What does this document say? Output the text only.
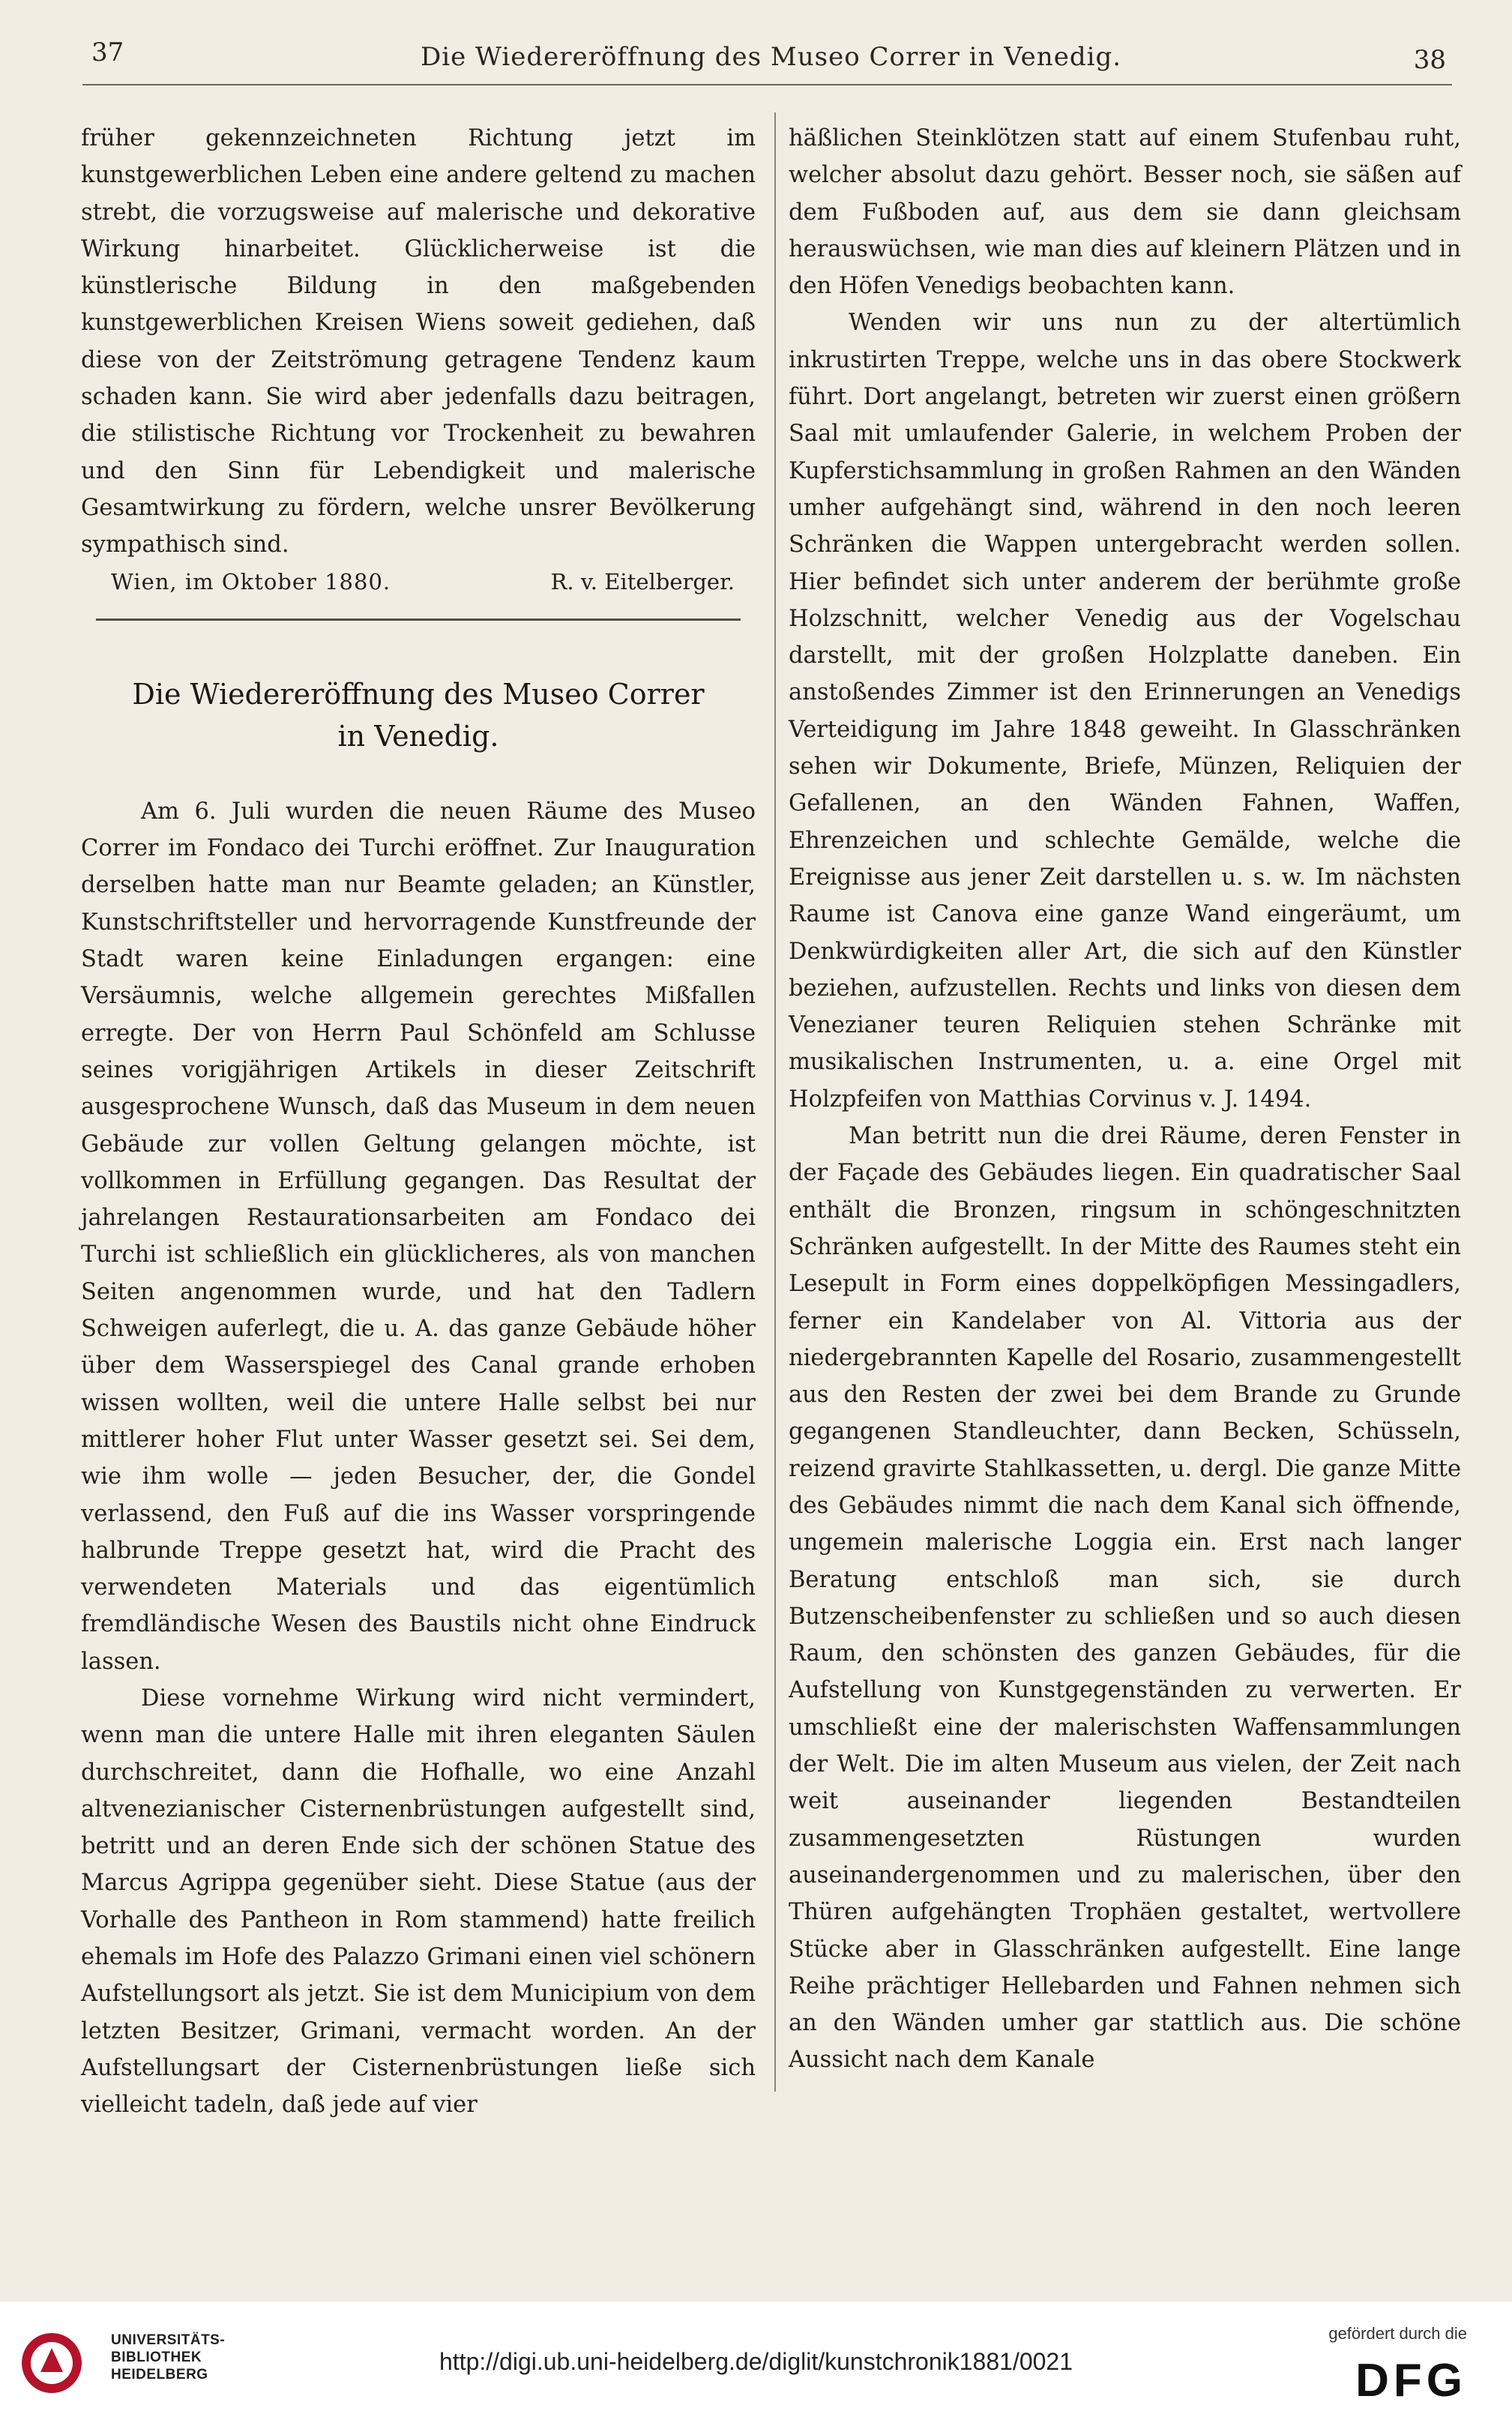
37	Die Wiedereröffnung des Museo Correr in Venedig.	38

früher gekennzeichneten Richtung jetzt im kunstgewerblichen Leben eine andere geltend zu machen strebt, die vorzugsweise auf malerische und dekorative Wirkung hinarbeitet. Glücklicherweise ist die künstlerische Bildung in den maßgebenden kunstgewerblichen Kreisen Wiens soweit gediehen, daß diese von der Zeitströmung getragene Tendenz kaum schaden kann. Sie wird aber jedenfalls dazu beitragen, die stilistische Richtung vor Trockenheit zu bewahren und den Sinn für Lebendigkeit und malerische Gesamtwirkung zu fördern, welche unsrer Bevölkerung sympathisch sind.

Wien, im Oktober 1880.	R. v. Eitelberger.
Die Wiedereröffnung des Museo Correr
in Venedig.

Am 6. Juli wurden die neuen Räume des Museo Correr im Fondaco dei Turchi eröffnet. Zur Inauguration derselben hatte man nur Beamte geladen; an Künstler, Kunstschriftsteller und hervorragende Kunstfreunde der Stadt waren keine Einladungen ergangen: eine Versäumnis, welche allgemein gerechtes Mißfallen erregte. Der von Herrn Paul Schönfeld am Schlusse seines vorigjährigen Artikels in dieser Zeitschrift ausgesprochene Wunsch, daß das Museum in dem neuen Gebäude zur vollen Geltung gelangen möchte, ist vollkommen in Erfüllung gegangen. Das Resultat der jahrelangen Restaurationsarbeiten am Fondaco dei Turchi ist schließlich ein glücklicheres, als von manchen Seiten angenommen wurde, und hat den Tadlern Schweigen auferlegt, die u. A. das ganze Gebäude höher über dem Wasserspiegel des Canal grande erhoben wissen wollten, weil die untere Halle selbst bei nur mittlerer hoher Flut unter Wasser gesetzt sei. Sei dem, wie ihm wolle — jeden Besucher, der, die Gondel verlassend, den Fuß auf die ins Wasser vorspringende halbrunde Treppe gesetzt hat, wird die Pracht des verwendeten Materials und das eigentümlich fremdländische Wesen des Baustils nicht ohne Eindruck lassen.

Diese vornehme Wirkung wird nicht vermindert, wenn man die untere Halle mit ihren eleganten Säulen durchschreitet, dann die Hofhalle, wo eine Anzahl altvenezianischer Cisternenbrüstungen aufgestellt sind, betritt und an deren Ende sich der schönen Statue des Marcus Agrippa gegenüber sieht. Diese Statue (aus der Vorhalle des Pantheon in Rom stammend) hatte freilich ehemals im Hofe des Palazzo Grimani einen viel schönern Aufstellungsort als jetzt. Sie ist dem Municipium von dem letzten Besitzer, Grimani, vermacht worden. An der Aufstellungsart der Cisternenbrüstungen ließe sich vielleicht tadeln, daß jede auf vier

häßlichen Steinklötzen statt auf einem Stufenbau ruht, welcher absolut dazu gehört. Besser noch, sie säßen auf dem Fußboden auf, aus dem sie dann gleichsam herauswüchsen, wie man dies auf kleinern Plätzen und in den Höfen Venedigs beobachten kann.

Wenden wir uns nun zu der altertümlich inkrustirten Treppe, welche uns in das obere Stockwerk führt. Dort angelangt, betreten wir zuerst einen größern Saal mit umlaufender Galerie, in welchem Proben der Kupferstichsammlung in großen Rahmen an den Wänden umher aufgehängt sind, während in den noch leeren Schränken die Wappen untergebracht werden sollen. Hier befindet sich unter anderem der berühmte große Holzschnitt, welcher Venedig aus der Vogelschau darstellt, mit der großen Holzplatte daneben. Ein anstoßendes Zimmer ist den Erinnerungen an Venedigs Verteidigung im Jahre 1848 geweiht. In Glasschränken sehen wir Dokumente, Briefe, Münzen, Reliquien der Gefallenen, an den Wänden Fahnen, Waffen, Ehrenzeichen und schlechte Gemälde, welche die Ereignisse aus jener Zeit darstellen u. s. w. Im nächsten Raume ist Canova eine ganze Wand eingeräumt, um Denkwürdigkeiten aller Art, die sich auf den Künstler beziehen, aufzustellen. Rechts und links von diesen dem Venezianer teuren Reliquien stehen Schränke mit musikalischen Instrumenten, u. a. eine Orgel mit Holzpfeifen von Matthias Corvinus v. J. 1494.

Man betritt nun die drei Räume, deren Fenster in der Façade des Gebäudes liegen. Ein quadratischer Saal enthält die Bronzen, ringsum in schöngeschnitzten Schränken aufgestellt. In der Mitte des Raumes steht ein Lesepult in Form eines doppelköpfigen Messingadlers, ferner ein Kandelaber von Al. Vittoria aus der niedergebrannten Kapelle del Rosario, zusammengestellt aus den Resten der zwei bei dem Brande zu Grunde gegangenen Standleuchter, dann Becken, Schüsseln, reizend gravirte Stahlkassetten, u. dergl. Die ganze Mitte des Gebäudes nimmt die nach dem Kanal sich öffnende, ungemein malerische Loggia ein. Erst nach langer Beratung entschloß man sich, sie durch Butzenscheibenfenster zu schließen und so auch diesen Raum, den schönsten des ganzen Gebäudes, für die Aufstellung von Kunstgegenständen zu verwerten. Er umschließt eine der malerischsten Waffensammlungen der Welt. Die im alten Museum aus vielen, der Zeit nach weit auseinander liegenden Bestandteilen zusammengesetzten Rüstungen wurden auseinandergenommen und zu malerischen, über den Thüren aufgehängten Trophäen gestaltet, wertvollere Stücke aber in Glasschränken aufgestellt. Eine lange Reihe prächtiger Hellebarden und Fahnen nehmen sich an den Wänden umher gar stattlich aus. Die schöne Aussicht nach dem Kanale

UNIVERSITÄTS-
BIBLIOTHEK
HEIDELBERG	http://digi.ub.uni-heidelberg.de/diglit/kunstchronik1881/0021
gefördert durch die
DFG
